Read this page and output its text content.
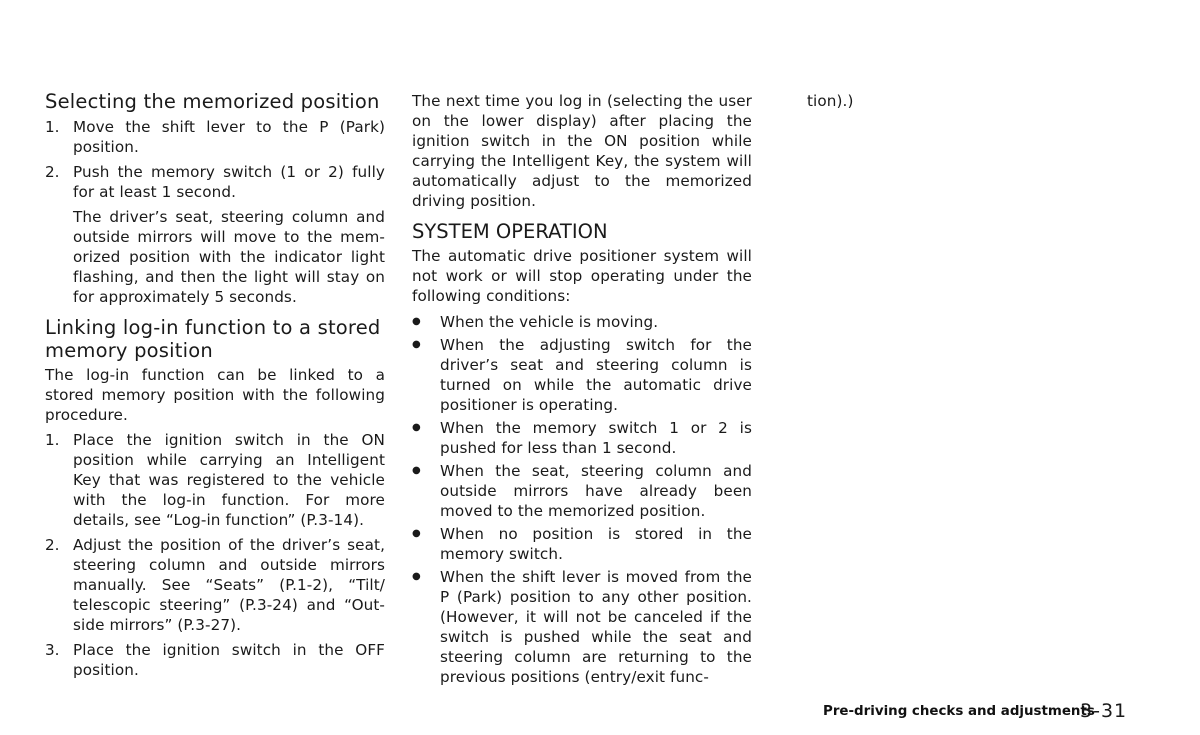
Selecting the memorized position
1. Move the shift lever to the P (Park) position.
2. Push the memory switch (1 or 2) fully for at least 1 second.
The driver’s seat, steering column and outside mirrors will move to the mem-orized position with the indicator light flashing, and then the light will stay on for approximately 5 seconds.
Linking log-in function to a stored memory position
The log-in function can be linked to a stored memory position with the following procedure.
1. Place the ignition switch in the ON position while carrying an Intelligent Key that was registered to the vehicle with the log-in function. For more details, see “Log-in function” (P.3-14).
2. Adjust the position of the driver’s seat, steering column and outside mirrors manually. See “Seats” (P.1-2), “Tilt/ telescopic steering” (P.3-24) and “Out-side mirrors” (P.3-27).
3. Place the ignition switch in the OFF position.
The next time you log in (selecting the user on the lower display) after placing the ignition switch in the ON position while carrying the Intelligent Key, the system will automatically adjust to the memorized driving position.
SYSTEM OPERATION
The automatic drive positioner system will not work or will stop operating under the following conditions:
●	When the vehicle is moving.
●	When the adjusting switch for the driver’s seat and steering column is turned on while the automatic drive positioner is operating.
●	When the memory switch 1 or 2 is pushed for less than 1 second.
●	When the seat, steering column and outside mirrors have already been moved to the memorized position.
●	When no position is stored in the memory switch.
●	When the shift lever is moved from the P (Park) position to any other position. (However, it will not be canceled if the switch is pushed while the seat and steering column are returning to the previous positions (entry/exit func-
tion).)
Pre-driving checks and adjustments
3-31
